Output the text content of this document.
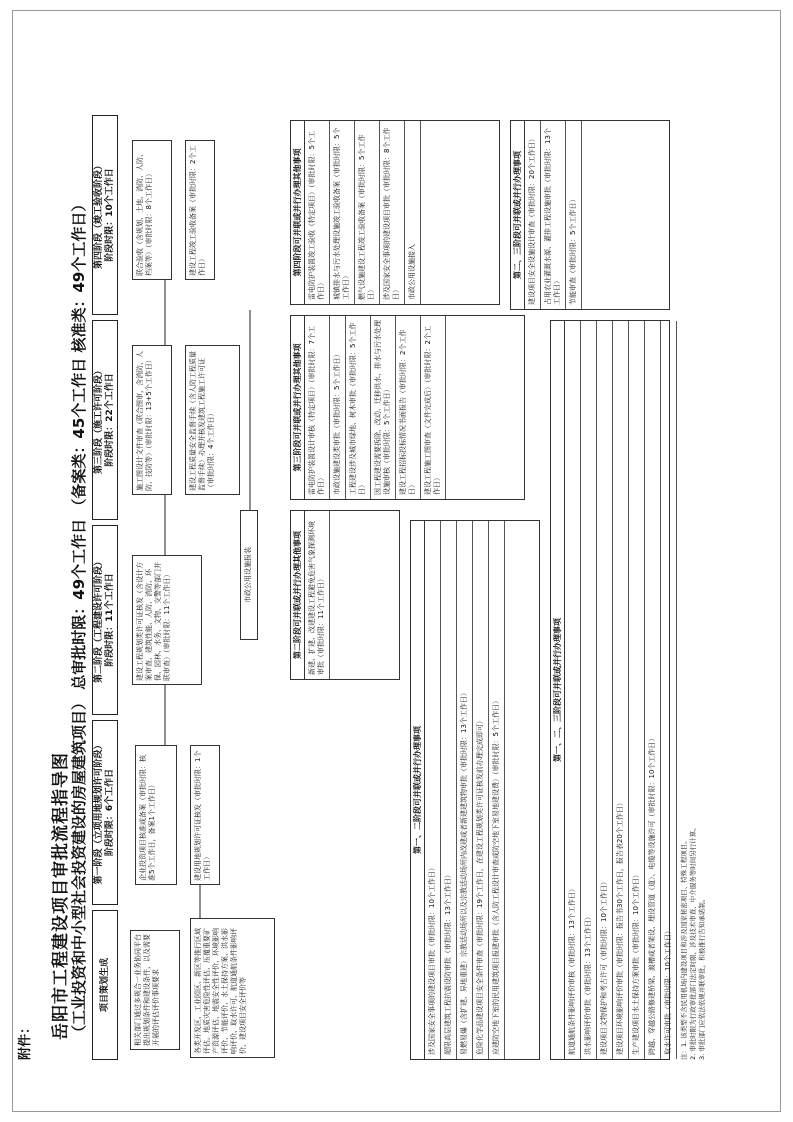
附件：
岳阳市工程建设项目审批流程指导图 （工业投资和中小型社会投资建设的房屋建筑项目） 总审批时限：49个工作日 （备案类：45个工作日 核准类：49个工作日）
项目策划生成
第一阶段（立项用地规划许可阶段） 阶段时限：6个工作日
第二阶段（工程建设许可阶段） 阶段时限：11个工作日
第三阶段（施工许可阶段） 阶段时限：22个工作日
第四阶段（竣工验收阶段） 阶段时限：10个工作日
相关部门通过多规合一业务协同平台提出规划条件和建设条件，以及需要开展的评估评价事项要求	各类开发区、工业园区、新区等推行区域评估。地质灾害危险性评估、压覆重要矿产资源评估、地震安全性评价、环境影响评价、节能评价、水土保持方案、洪水影响评价、取水许可、航道通航条件影响评价、建设项目安全评价等
企业投资项目核准或备案（审批时限：核准5个工作日，备案1个工作日）	建设用地规划许可证核发（审批时限：1个工作日）
建设工程规划类许可证核发（含设计方案审查、建筑性能、人防、消防、环保、园林、水务、文物、交警等部门并联审查）（审批时限：11个工作日）	市政公用设施报装
施工图设计文件审查（联合图审，含消防、人防、技防等）（审批时限：13+5个工作日）	建设工程质量安全监督手续（含人防工程质量监督手续）办理并核发建筑工程施工许可证（审批时限：4个工作日）
联合验收（含规划、土地、消防、人防、档案等）（审批时限：8个工作日）	建设工程竣工验收备案（审批时限：2个工作日）
第二阶段可并联或并行办理其他事项 新建、扩建、改建建设工程避免危害气象探测环境审批（审批时限：11个工作日）
第三阶段可并联或并行办理其他事项 雷电防护装置设计审核（特定项目）（审批时限：7个工作日）	市政设施建设类审批（审批时限：5个工作日）	工程建设涉及城市绿地、树木审批（审批时限：5个工作日）	因工程建设需要拆除、改动、迁移供水、排水与污水处理设施审核（审批时限：5个工作日）	建设工程招标投标情况书面报告（审批时限：2个工作日）	建设工程施工图审查（文件完成后）（审批时限：2个工作日）
第四阶段可并联或并行办理其他事项 雷电防护装置竣工验收（特定项目）（审批时限：5个工作日）	城镇排水与污水处理设施竣工验收备案（审批时限：5个工作日）	燃气设施建设工程竣工验收备案（审批时限：5个工作日）	涉及国家安全事项的建设项目审批（审批时限：8个工作日）	市政公用设施接入
第一、二阶段可并联或并行办理事项
涉及国家安全事项的建设项目审批（审批时限：10个工作日）	超限高层建筑工程抗震设防审批（审批时限：13个工作日）	易燃易爆（含扩建、异地重建）宗教活动场所以及宗教活动场所内改建或者新建建筑物审批（审批时限：13个工作日）	危险化学品建设项目安全条件审查（审批时限：19个工作日，在建设工程规划类许可证核发前办理完成即可）	应建防空地下室的民用建筑项目报建审批（含人防工程设计审查或防空地下室易地建设费）（审批时限：5个工作日）
第一、二、三阶段可并联或并行办理事项
航道通航条件影响评价审核（审批时限：13个工作日）	洪水影响评价审批（审批时限：13个工作日）	建设项目文物保护和考古许可（审批时限：10个工作日）	建设项目环境影响评价审批（审批时限：报告书30个工作日，报告表20个工作日）	生产建设项目水土保持方案审批（审批时限：10个工作日）	跨越、穿越公路修建桥梁、渡槽或者架设、埋设管道（道）、电缆等设施许可（审批时限：10个工作日）	取水许可审批（审批时限：10个工作日）
第二、三阶段可并联或并行办理事项 建设项目安全设施设计审查（审批时限：20个工作日）	占用农业灌溉水源、灌排工程设施审批（审批时限：13个工作日）	节能审查（审批时限：5个工作日）
注：1. 该类型不含民用机场内建设项目和涉及国家秘密项目、特殊工程项目。 2. 审批时限为行政审批部门法定时限，涉及技术审查、中介服务等时间另行计算。 3. 审批部门应依法依规并联审批，积极推行告知承诺制。
